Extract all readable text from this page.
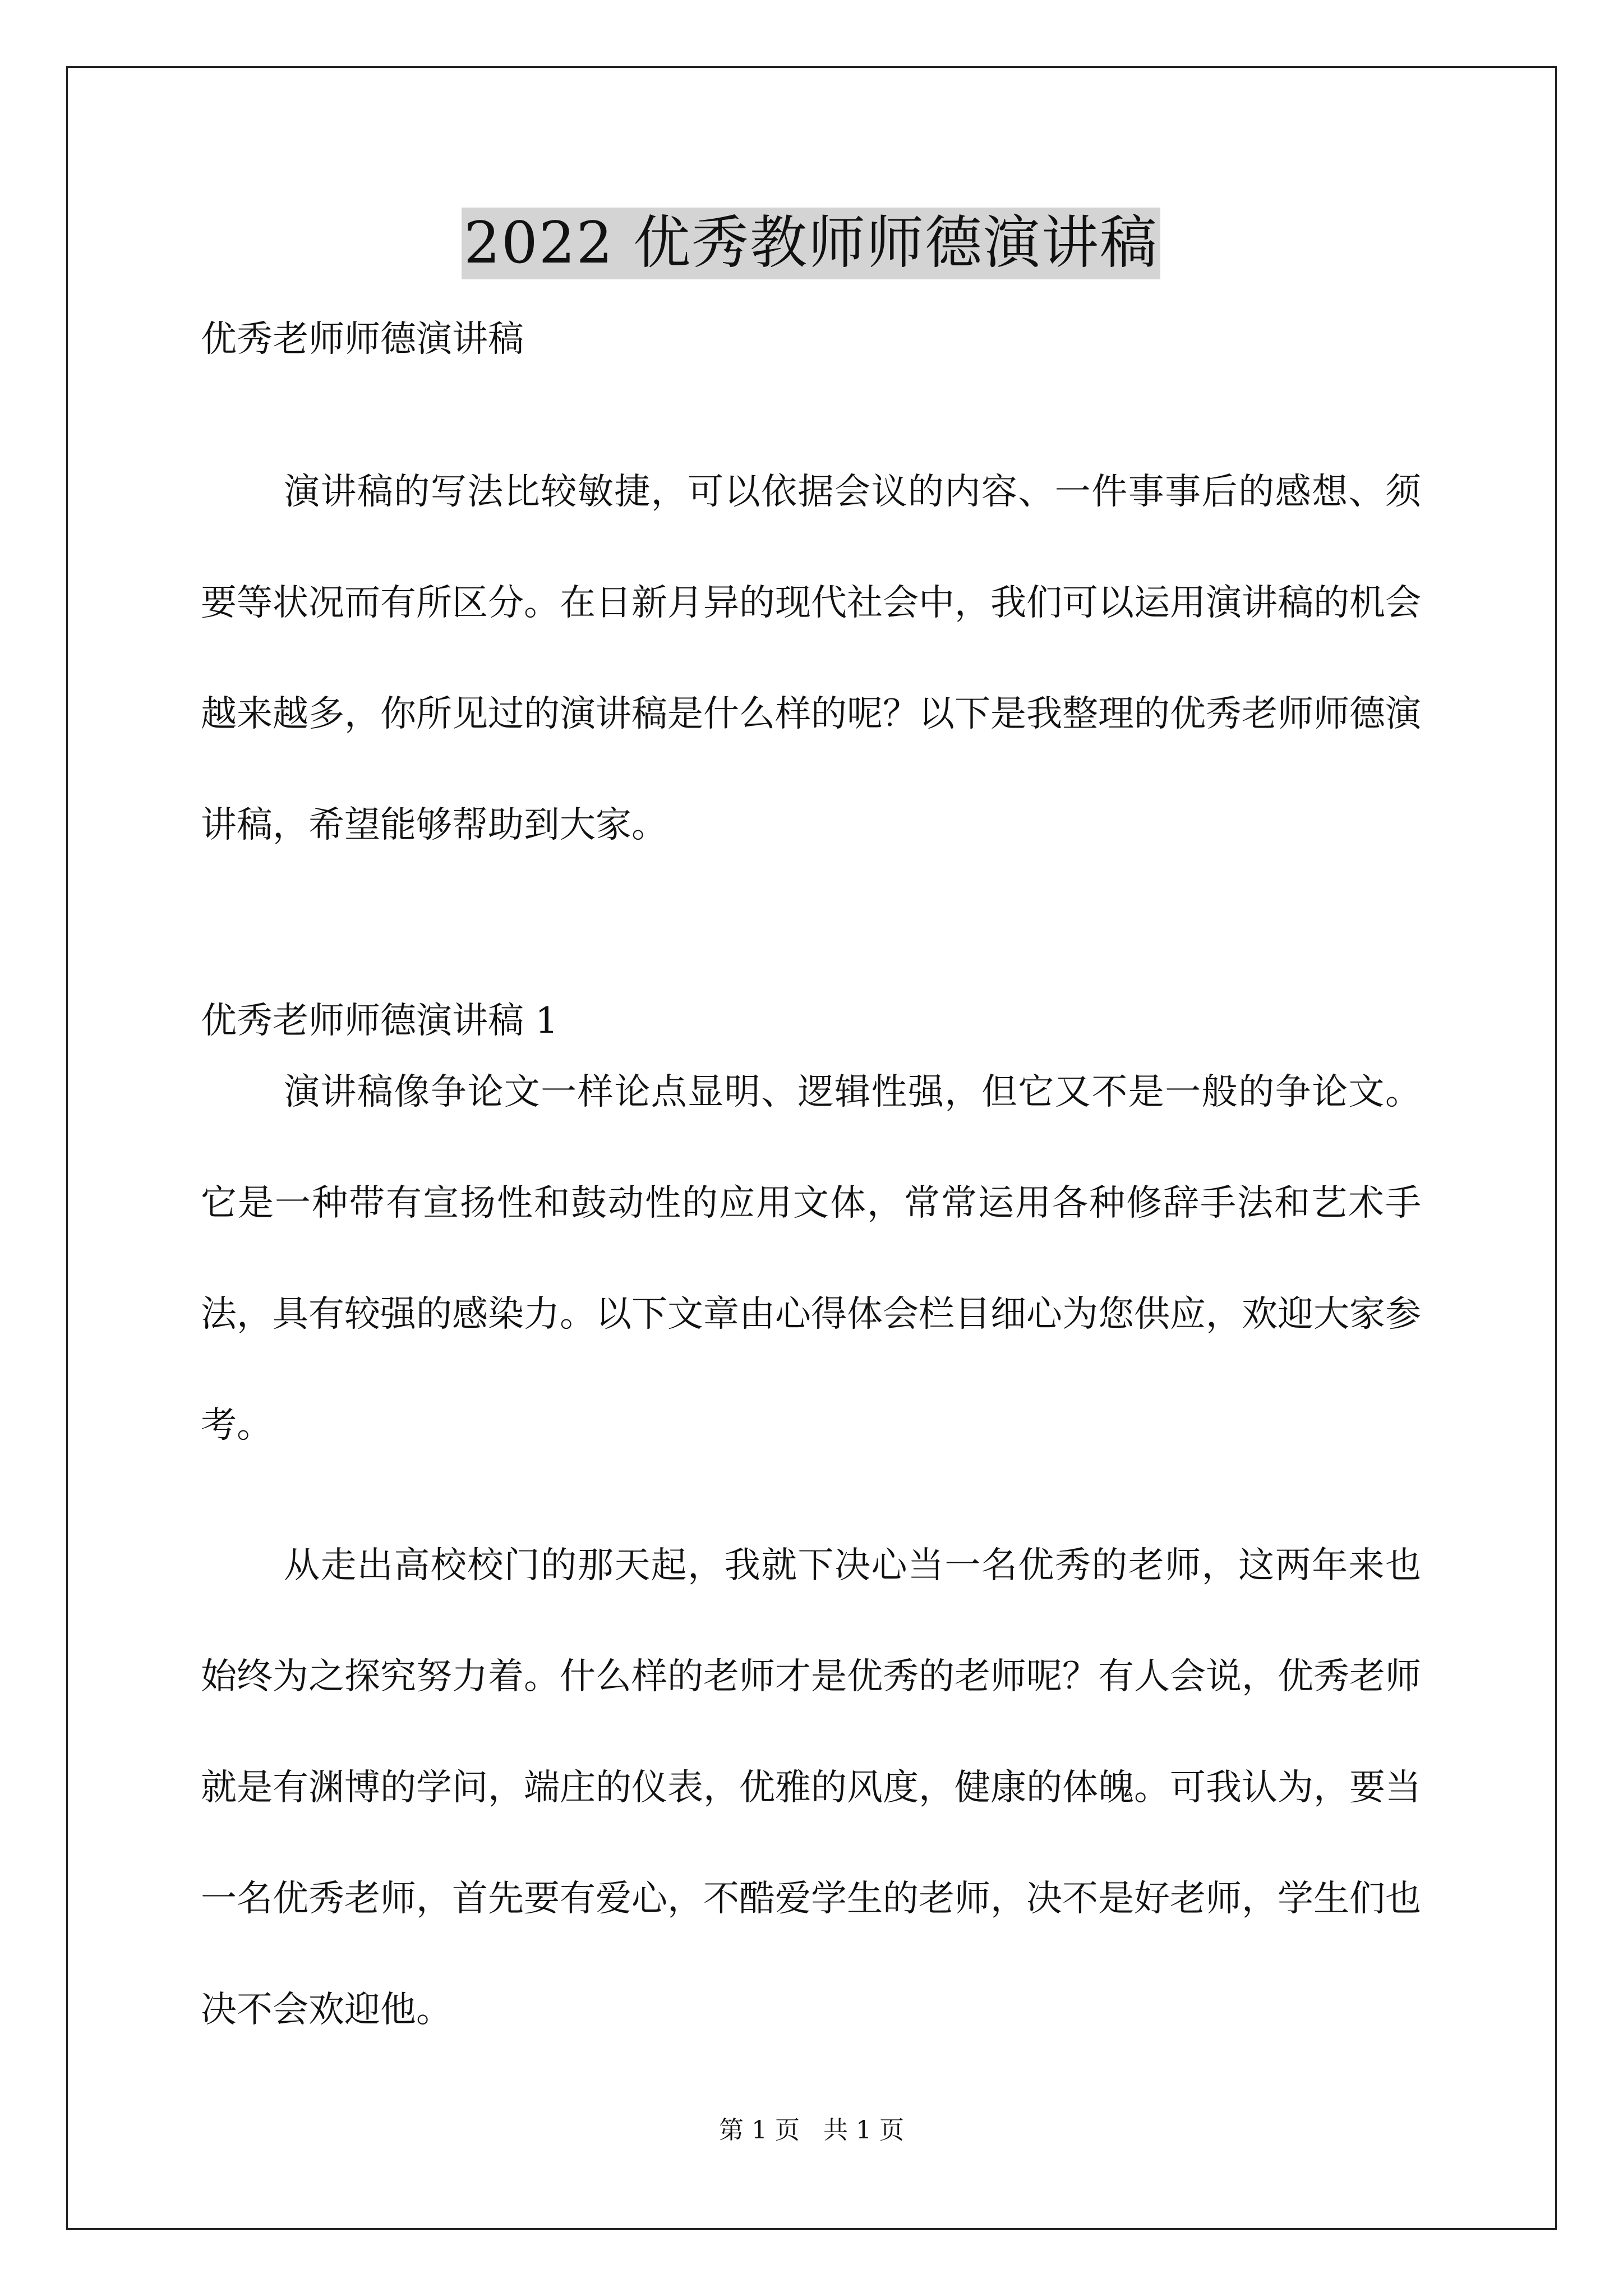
2022 优秀教师师德演讲稿
优秀老师师德演讲稿

演讲稿的写法比较敏捷，可以依据会议的内容、一件事事后的感想、须要等状况而有所区分。在日新月异的现代社会中，我们可以运用演讲稿的机会越来越多，你所见过的演讲稿是什么样的呢？以下是我整理的优秀老师师德演讲稿，希望能够帮助到大家。

优秀老师师德演讲稿 1

演讲稿像争论文一样论点显明、逻辑性强，但它又不是一般的争论文。它是一种带有宣扬性和鼓动性的应用文体，常常运用各种修辞手法和艺术手法，具有较强的感染力。以下文章由心得体会栏目细心为您供应，欢迎大家参考。

从走出高校校门的那天起，我就下决心当一名优秀的老师，这两年来也始终为之探究努力着。什么样的老师才是优秀的老师呢？有人会说，优秀老师就是有渊博的学问，端庄的仪表，优雅的风度，健康的体魄。可我认为，要当一名优秀老师，首先要有爱心，不酷爱学生的老师，决不是好老师，学生们也决不会欢迎他。

第 1 页   共 1 页
